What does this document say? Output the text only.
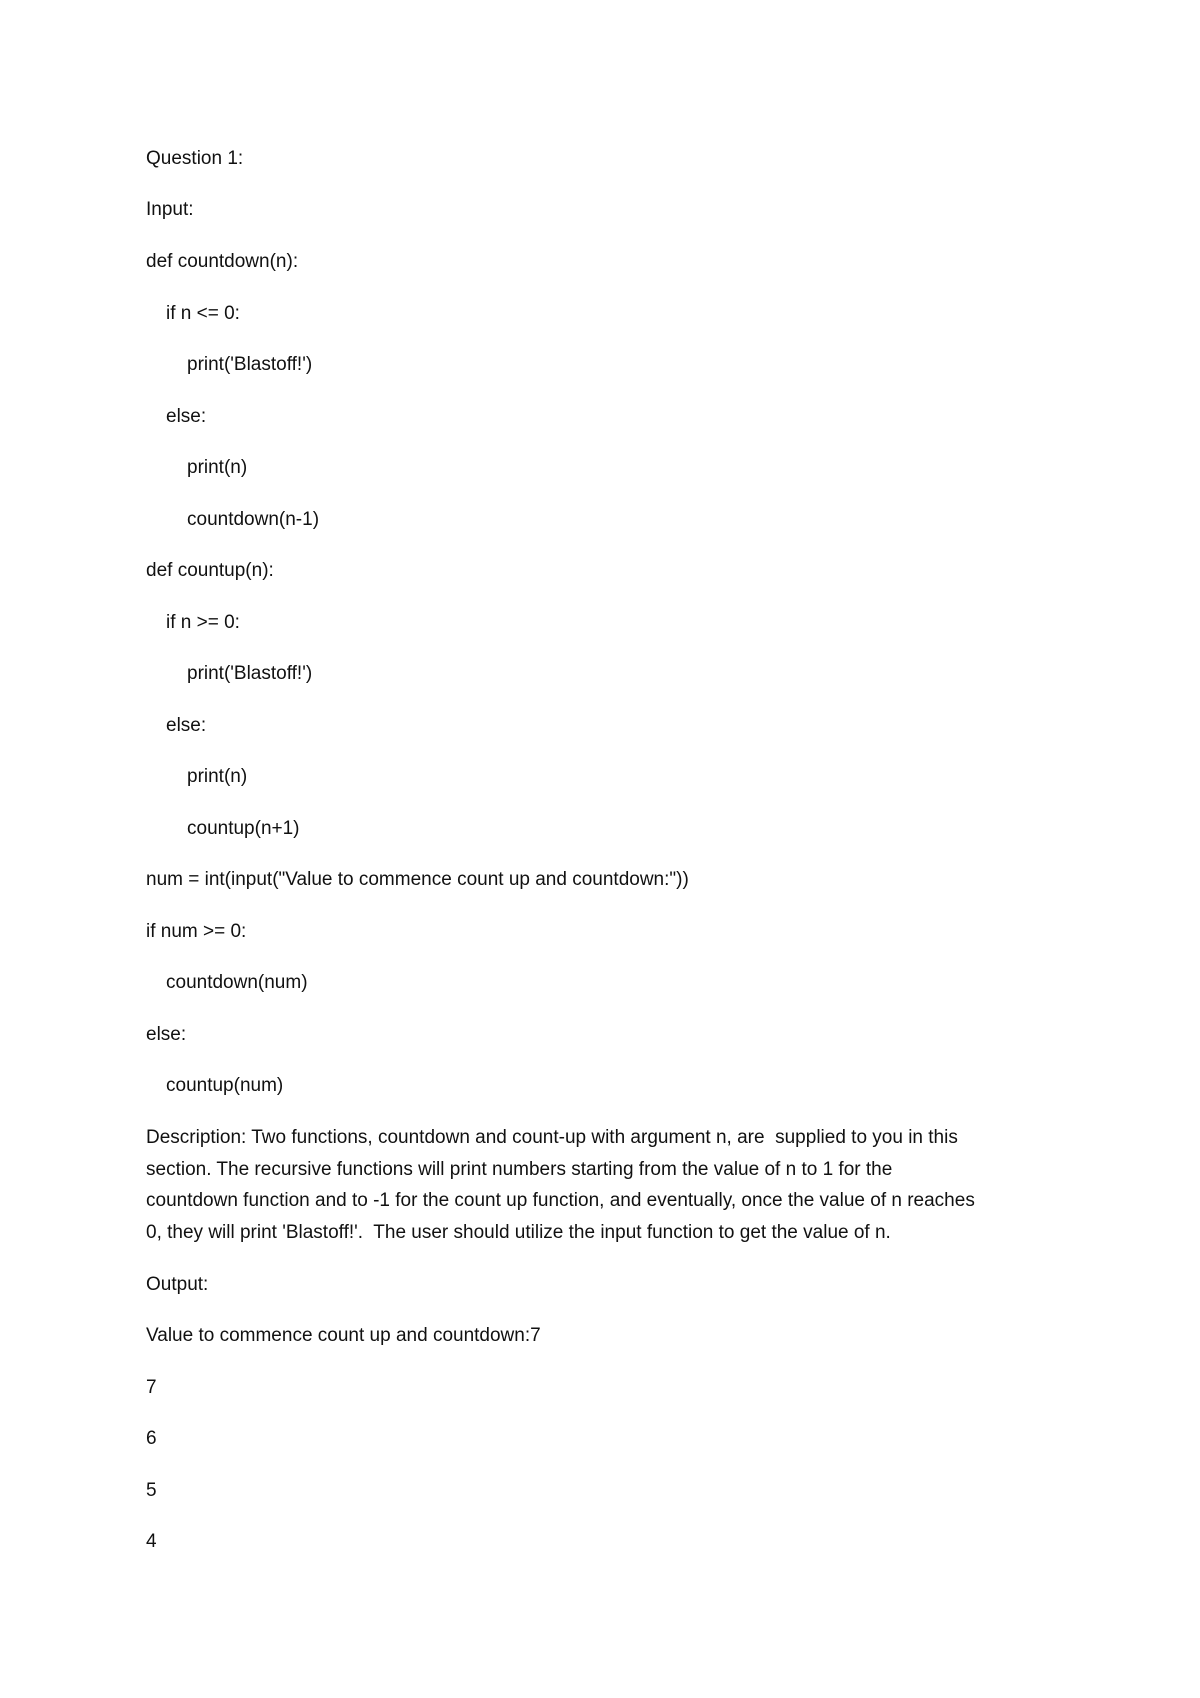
Question 1:
Input:
def countdown(n):
if n <= 0:
print('Blastoff!')
else:
print(n)
countdown(n-1)
def countup(n):
if n >= 0:
print('Blastoff!')
else:
print(n)
countup(n+1)
num = int(input("Value to commence count up and countdown:"))
if num >= 0:
countdown(num)
else:
countup(num)
Description: Two functions, countdown and count-up with argument n, are  supplied to you in this
section. The recursive functions will print numbers starting from the value of n to 1 for the
countdown function and to -1 for the count up function, and eventually, once the value of n reaches
0, they will print 'Blastoff!'.  The user should utilize the input function to get the value of n.
Output:
Value to commence count up and countdown:7
7
6
5
4
